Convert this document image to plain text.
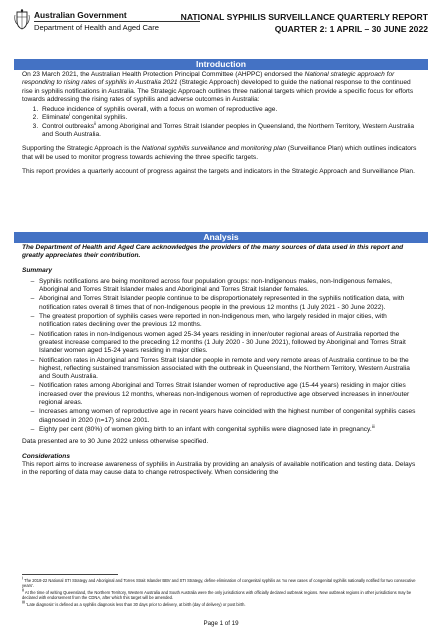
Australian Government
Department of Health and Aged Care
NATIONAL SYPHILIS SURVEILLANCE QUARTERLY REPORT
QUARTER 2: 1 APRIL – 30 JUNE 2022
Introduction

On 23 March 2021, the Australian Health Protection Principal Committee (AHPPC) endorsed the National strategic approach for responding to rising rates of syphilis in Australia 2021 (Strategic Approach) developed to guide the national response to the continued rise in syphilis notifications in Australia. The Strategic Approach outlines three national targets which provide a specific focus for efforts towards addressing the rising rates of syphilis and adverse outcomes in Australia:

1. Reduce incidence of syphilis overall, with a focus on women of reproductive age.
2. Eliminate$^i$ congenital syphilis.
3. Control outbreaks$^{ii}$ among Aboriginal and Torres Strait Islander peoples in Queensland, the Northern Territory, Western Australia and South Australia.

Supporting the Strategic Approach is the National syphilis surveillance and monitoring plan (Surveillance Plan) which outlines indicators that will be used to monitor progress towards achieving the three specific targets.

This report provides a quarterly account of progress against the targets and indicators in the Strategic Approach and Surveillance Plan.

Analysis

The Department of Health and Aged Care acknowledges the providers of the many sources of data used in this report and greatly appreciates their contribution.

Summary

– Syphilis notifications are being monitored across four population groups: non-Indigenous males, non-Indigenous females, Aboriginal and Torres Strait Islander males and Aboriginal and Torres Strait Islander females.
– Aboriginal and Torres Strait Islander people continue to be disproportionately represented in the syphilis notification data, with notification rates overall 8 times that of non-Indigenous people in the previous 12 months (1 July 2021 - 30 June 2022).
– The greatest proportion of syphilis cases were reported in non-Indigenous men, who largely resided in major cities, with notification rates declining over the previous 12 months.
– Notification rates in non-Indigenous women aged 25-34 years residing in inner/outer regional areas of Australia reported the greatest increase compared to the preceding 12 months (1 July 2020 - 30 June 2021), followed by Aboriginal and Torres Strait Islander women aged 15-24 years residing in major cities.
– Notification rates in Aboriginal and Torres Strait Islander people in remote and very remote areas of Australia continue to be the highest, reflecting sustained transmission associated with the outbreak in Queensland, the Northern Territory, Western Australia and South Australia.
– Notification rates among Aboriginal and Torres Strait Islander women of reproductive age (15-44 years) residing in major cities increased over the previous 12 months, whereas non-Indigenous women of reproductive age observed increases in inner/outer regional areas.
– Increases among women of reproductive age in recent years have coincided with the highest number of congenital syphilis cases diagnosed in 2020 (n=17) since 2001.
– Eighty per cent (80%) of women giving birth to an infant with congenital syphilis were diagnosed late in pregnancy.$^{iii}$

Data presented are to 30 June 2022 unless otherwise specified.

Considerations

This report aims to increase awareness of syphilis in Australia by providing an analysis of available notification and testing data. Delays in the reporting of data may cause data to change retrospectively. When considering the

$^i$ The 2018-22 National STI Strategy and Aboriginal and Torres Strait Islander BBV and STI Strategy, define elimination of congenital syphilis as ‘no new cases of congenital syphilis nationally notified for two consecutive years’.
$^{ii}$ At the time of writing Queensland, the Northern Territory, Western Australia and South Australia were the only jurisdictions with officially declared outbreak regions. New outbreak regions in other jurisdictions may be declared with endorsement from the CDNA, after which this target will be amended.
$^{iii}$ ‘Late diagnosis’ is defined as a syphilis diagnosis less than 30 days prior to delivery, at birth (day of delivery) or post birth.
Page 1 of 19
